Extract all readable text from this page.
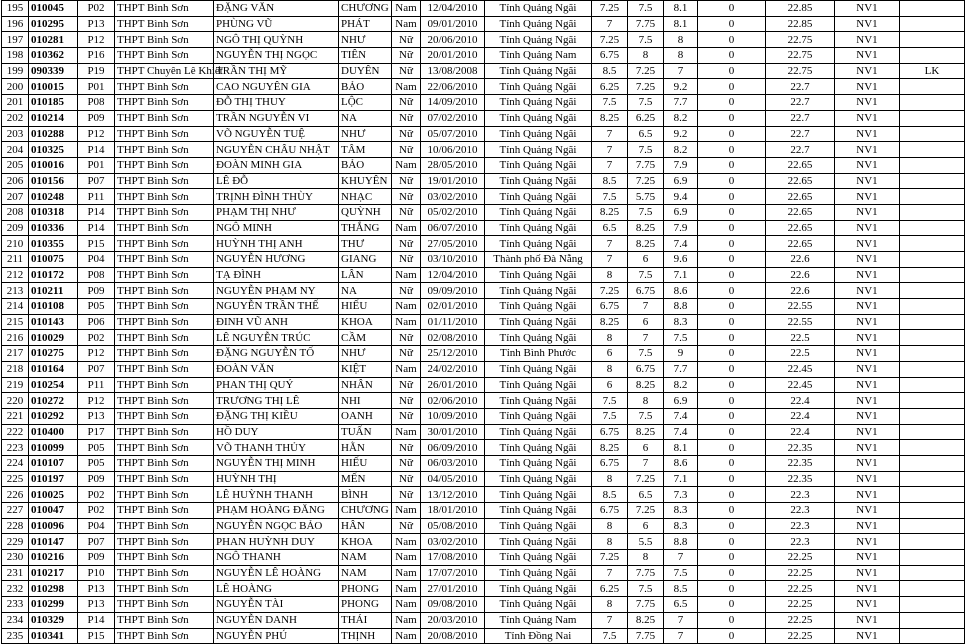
195	010045	P02	THPT Bình Sơn	ĐẶNG VĂN	CHƯƠNG	Nam	12/04/2010	Tỉnh Quảng Ngãi	7.25	7.5	8.1	0	22.85	NV1	
196	010295	P13	THPT Bình Sơn	PHÙNG VŨ	PHÁT	Nam	09/01/2010	Tỉnh Quảng Ngãi	7	7.75	8.1	0	22.85	NV1	
197	010281	P12	THPT Bình Sơn	NGÔ THỊ QUỲNH	NHƯ	Nữ	20/06/2010	Tỉnh Quảng Ngãi	7.25	7.5	8	0	22.75	NV1	
198	010362	P16	THPT Bình Sơn	NGUYỄN THỊ NGỌC	TIÊN	Nữ	20/01/2010	Tỉnh Quảng Nam	6.75	8	8	0	22.75	NV1	
199	090339	P19	THPT Chuyên Lê Khiết	TRẦN THỊ MỸ	DUYÊN	Nữ	13/08/2008	Tỉnh Quảng Ngãi	8.5	7.25	7	0	22.75	NV1	LK
200	010015	P01	THPT Bình Sơn	CAO NGUYÊN GIA	BẢO	Nam	22/06/2010	Tỉnh Quảng Ngãi	6.25	7.25	9.2	0	22.7	NV1	
201	010185	P08	THPT Bình Sơn	ĐỖ THỊ THUY	LỘC	Nữ	14/09/2010	Tỉnh Quảng Ngãi	7.5	7.5	7.7	0	22.7	NV1	
202	010214	P09	THPT Bình Sơn	TRẦN NGUYỄN VI	NA	Nữ	07/02/2010	Tỉnh Quảng Ngãi	8.25	6.25	8.2	0	22.7	NV1	
203	010288	P12	THPT Bình Sơn	VÕ NGUYỄN TUỆ	NHƯ	Nữ	05/07/2010	Tỉnh Quảng Ngãi	7	6.5	9.2	0	22.7	NV1	
204	010325	P14	THPT Bình Sơn	NGUYỄN CHÂU NHẬT	TÂM	Nữ	10/06/2010	Tỉnh Quảng Ngãi	7	7.5	8.2	0	22.7	NV1	
205	010016	P01	THPT Bình Sơn	ĐOÀN MINH GIA	BẢO	Nam	28/05/2010	Tỉnh Quảng Ngãi	7	7.75	7.9	0	22.65	NV1	
206	010156	P07	THPT Bình Sơn	LÊ ĐỖ	KHUYÊN	Nữ	19/01/2010	Tỉnh Quảng Ngãi	8.5	7.25	6.9	0	22.65	NV1	
207	010248	P11	THPT Bình Sơn	TRỊNH ĐÌNH THÙY	NHẠC	Nữ	03/02/2010	Tỉnh Quảng Ngãi	7.5	5.75	9.4	0	22.65	NV1	
208	010318	P14	THPT Bình Sơn	PHẠM THỊ NHƯ	QUỲNH	Nữ	05/02/2010	Tỉnh Quảng Ngãi	8.25	7.5	6.9	0	22.65	NV1	
209	010336	P14	THPT Bình Sơn	NGÔ MINH	THẮNG	Nam	06/07/2010	Tỉnh Quảng Ngãi	6.5	8.25	7.9	0	22.65	NV1	
210	010355	P15	THPT Bình Sơn	HUỲNH THỊ ANH	THƯ	Nữ	27/05/2010	Tỉnh Quảng Ngãi	7	8.25	7.4	0	22.65	NV1	
211	010075	P04	THPT Bình Sơn	NGUYỄN HƯƠNG	GIANG	Nữ	03/10/2010	Thành phố Đà Nẵng	7	6	9.6	0	22.6	NV1	
212	010172	P08	THPT Bình Sơn	TẠ ĐÌNH	LÂN	Nam	12/04/2010	Tỉnh Quảng Ngãi	8	7.5	7.1	0	22.6	NV1	
213	010211	P09	THPT Bình Sơn	NGUYỄN PHẠM NY	NA	Nữ	09/09/2010	Tỉnh Quảng Ngãi	7.25	6.75	8.6	0	22.6	NV1	
214	010108	P05	THPT Bình Sơn	NGUYỄN TRẦN THẾ	HIẾU	Nam	02/01/2010	Tỉnh Quảng Ngãi	6.75	7	8.8	0	22.55	NV1	
215	010143	P06	THPT Bình Sơn	ĐINH VŨ ANH	KHOA	Nam	01/11/2010	Tỉnh Quảng Ngãi	8.25	6	8.3	0	22.55	NV1	
216	010029	P02	THPT Bình Sơn	LÊ NGUYỄN TRÚC	CẦM	Nữ	02/08/2010	Tỉnh Quảng Ngãi	8	7	7.5	0	22.5	NV1	
217	010275	P12	THPT Bình Sơn	ĐẶNG NGUYỄN TỐ	NHƯ	Nữ	25/12/2010	Tỉnh Bình Phước	6	7.5	9	0	22.5	NV1	
218	010164	P07	THPT Bình Sơn	ĐOÀN VĂN	KIỆT	Nam	24/02/2010	Tỉnh Quảng Ngãi	8	6.75	7.7	0	22.45	NV1	
219	010254	P11	THPT Bình Sơn	PHAN THỊ QUÝ	NHÂN	Nữ	26/01/2010	Tỉnh Quảng Ngãi	6	8.25	8.2	0	22.45	NV1	
220	010272	P12	THPT Bình Sơn	TRƯƠNG THỊ LÊ	NHI	Nữ	02/06/2010	Tỉnh Quảng Ngãi	7.5	8	6.9	0	22.4	NV1	
221	010292	P13	THPT Bình Sơn	ĐẶNG THỊ KIỀU	OANH	Nữ	10/09/2010	Tỉnh Quảng Ngãi	7.5	7.5	7.4	0	22.4	NV1	
222	010400	P17	THPT Bình Sơn	HỒ DUY	TUẤN	Nam	30/01/2010	Tỉnh Quảng Ngãi	6.75	8.25	7.4	0	22.4	NV1	
223	010099	P05	THPT Bình Sơn	VÕ THANH THỦY	HẰN	Nữ	06/09/2010	Tỉnh Quảng Ngãi	8.25	6	8.1	0	22.35	NV1	
224	010107	P05	THPT Bình Sơn	NGUYỄN THỊ MINH	HIẾU	Nữ	06/03/2010	Tỉnh Quảng Ngãi	6.75	7	8.6	0	22.35	NV1	
225	010197	P09	THPT Bình Sơn	HUỲNH THỊ	MẾN	Nữ	04/05/2010	Tỉnh Quảng Ngãi	8	7.25	7.1	0	22.35	NV1	
226	010025	P02	THPT Bình Sơn	LÊ HUỲNH THANH	BÌNH	Nữ	13/12/2010	Tỉnh Quảng Ngãi	8.5	6.5	7.3	0	22.3	NV1	
227	010047	P02	THPT Bình Sơn	PHẠM HOÀNG ĐĂNG	CHƯƠNG	Nam	18/01/2010	Tỉnh Quảng Ngãi	6.75	7.25	8.3	0	22.3	NV1	
228	010096	P04	THPT Bình Sơn	NGUYỄN NGỌC BẢO	HÂN	Nữ	05/08/2010	Tỉnh Quảng Ngãi	8	6	8.3	0	22.3	NV1	
229	010147	P07	THPT Bình Sơn	PHAN HUỲNH DUY	KHOA	Nam	03/02/2010	Tỉnh Quảng Ngãi	8	5.5	8.8	0	22.3	NV1	
230	010216	P09	THPT Bình Sơn	NGÔ THANH	NAM	Nam	17/08/2010	Tỉnh Quảng Ngãi	7.25	8	7	0	22.25	NV1	
231	010217	P10	THPT Bình Sơn	NGUYỄN LÊ HOÀNG	NAM	Nam	17/07/2010	Tỉnh Quảng Ngãi	7	7.75	7.5	0	22.25	NV1	
232	010298	P13	THPT Bình Sơn	LÊ HOÀNG	PHONG	Nam	27/01/2010	Tỉnh Quảng Ngãi	6.25	7.5	8.5	0	22.25	NV1	
233	010299	P13	THPT Bình Sơn	NGUYỄN TÀI	PHONG	Nam	09/08/2010	Tỉnh Quảng Ngãi	8	7.75	6.5	0	22.25	NV1	
234	010329	P14	THPT Bình Sơn	NGUYỄN DANH	THÁI	Nam	20/03/2010	Tỉnh Quảng Nam	7	8.25	7	0	22.25	NV1	
235	010341	P15	THPT Bình Sơn	NGUYỄN PHÚ	THỊNH	Nam	20/08/2010	Tỉnh Đồng Nai	7.5	7.75	7	0	22.25	NV1	
